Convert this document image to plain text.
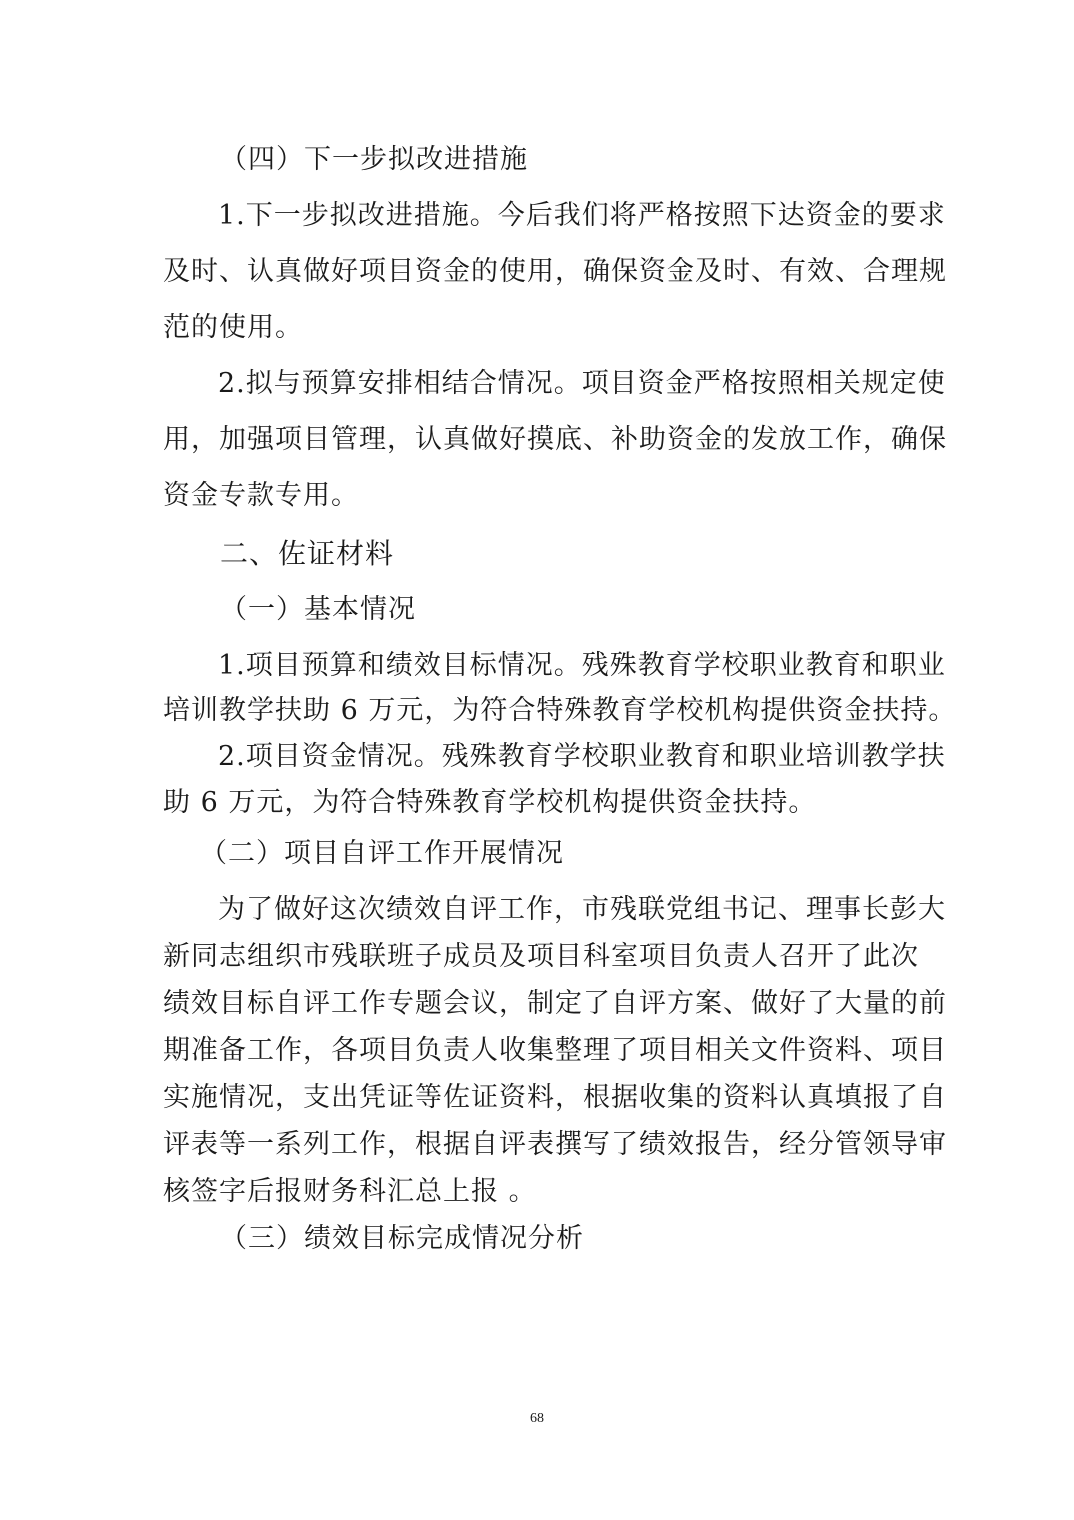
（四）下一步拟改进措施
1.下一步拟改进措施。今后我们将严格按照下达资金的要求
及时、认真做好项目资金的使用，确保资金及时、有效、合理规
范的使用。
2.拟与预算安排相结合情况。项目资金严格按照相关规定使
用，加强项目管理，认真做好摸底、补助资金的发放工作，确保
资金专款专用。
二、佐证材料
（一）基本情况
1.项目预算和绩效目标情况。残殊教育学校职业教育和职业
培训教学扶助 6 万元，为符合特殊教育学校机构提供资金扶持。
2.项目资金情况。残殊教育学校职业教育和职业培训教学扶
助 6 万元，为符合特殊教育学校机构提供资金扶持。
（二）项目自评工作开展情况
为了做好这次绩效自评工作，市残联党组书记、理事长彭大
新同志组织市残联班子成员及项目科室项目负责人召开了此次
绩效目标自评工作专题会议，制定了自评方案、做好了大量的前
期准备工作，各项目负责人收集整理了项目相关文件资料、项目
实施情况，支出凭证等佐证资料，根据收集的资料认真填报了自
评表等一系列工作，根据自评表撰写了绩效报告，经分管领导审
核签字后报财务科汇总上报 。
（三）绩效目标完成情况分析
68
